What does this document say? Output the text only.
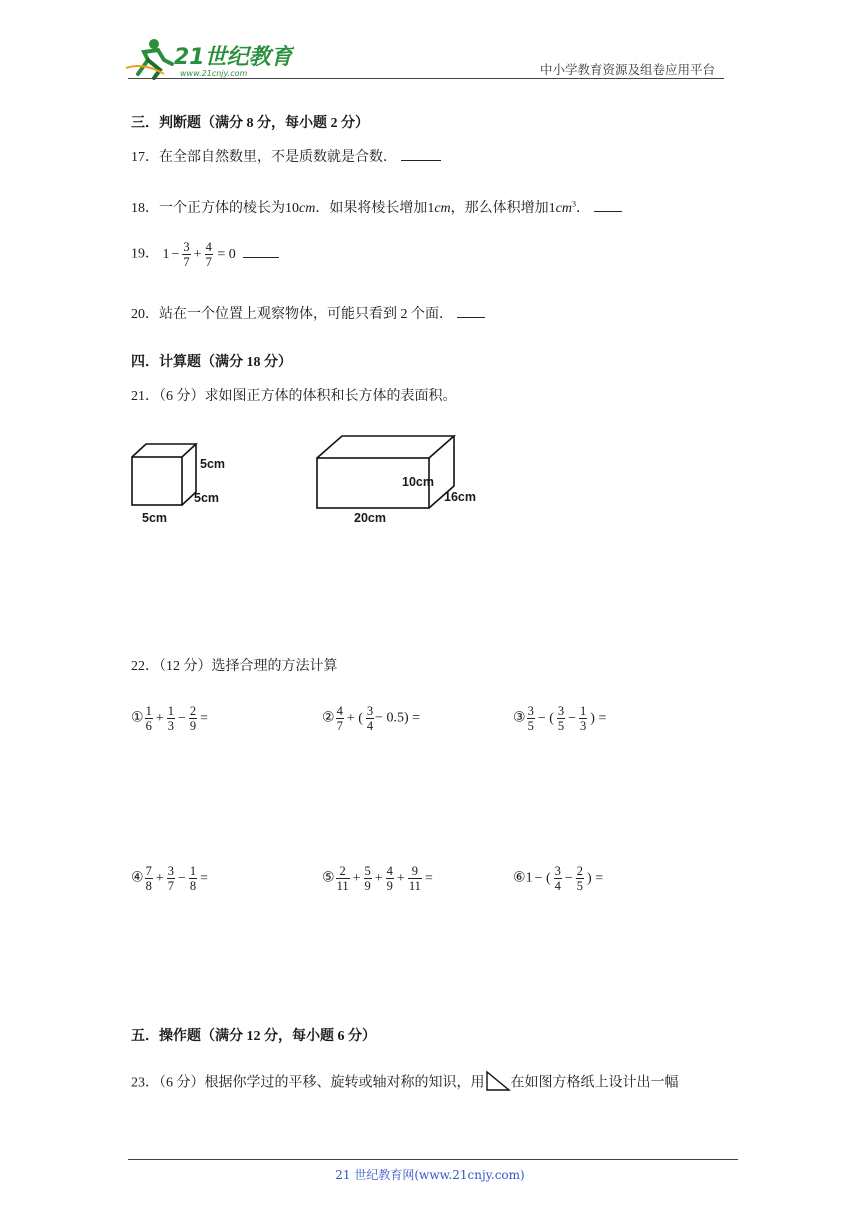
21世纪教育
www.21cnjy.com	中小学教育资源及组卷应用平台
三．判断题（满分 8 分，每小题 2 分）
17．在全部自然数里，不是质数就是合数．
18．一个正方体的棱长为10cm．如果将棱长增加1cm，那么体积增加$1cm^3$．
19． $1 - \frac{3}{7} + \frac{4}{7} = 0$
20．站在一个位置上观察物体，可能只看到 2 个面．
四．计算题（满分 18 分）
21．（6 分）求如图正方体的体积和长方体的表面积。
5cm
5cm
5cm
10cm
16cm
20cm
22．（12 分）选择合理的方法计算
① $\frac{1}{6} + \frac{1}{3} - \frac{2}{9}$ =	② $\frac{4}{7}$ + ( $\frac{3}{4} - 0.5$) =	③ $\frac{3}{5}$ − ( $\frac{3}{5} - \frac{1}{3}$ ) =
④ $\frac{7}{8} + \frac{3}{7} - \frac{1}{8}$ =	⑤ $\frac{2}{11} + \frac{5}{9} + \frac{4}{9} + \frac{9}{11}$ =	⑥1 − ( $\frac{3}{4} - \frac{2}{5}$ ) =
五．操作题（满分 12 分，每小题 6 分）
23．（6 分）根据你学过的平移、旋转或轴对称的知识，用 在如图方格纸上设计出一幅
21 世纪教育网(www.21cnjy.com)
